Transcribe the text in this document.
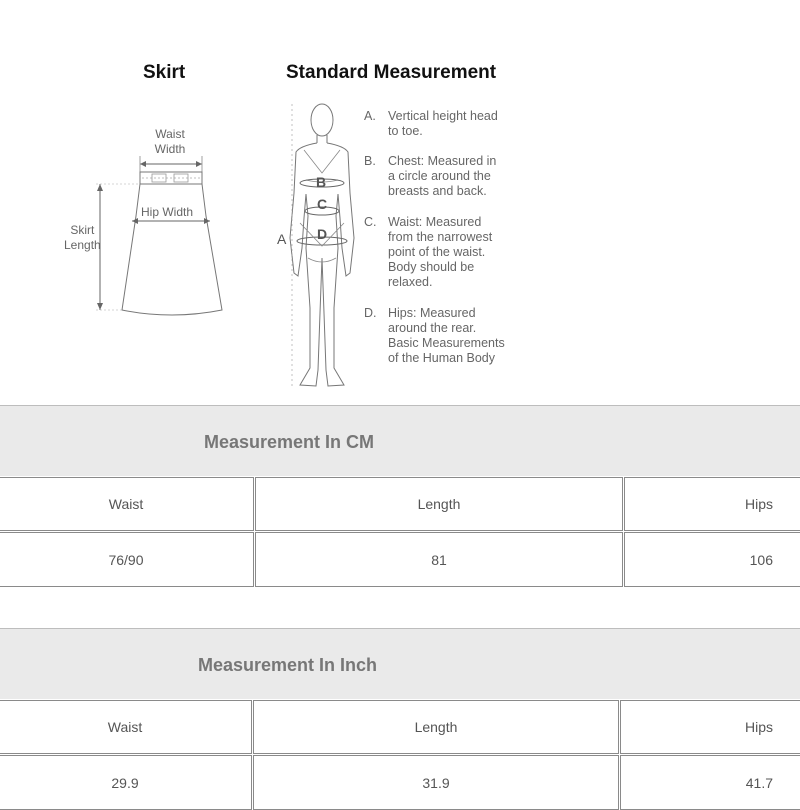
Skirt	Standard Measurement
Waist
Width
Hip Width
Skirt
Length
B
C
D
A
A. Vertical height head
to toe.
B. Chest: Measured in
a circle around the
breasts and back.
C. Waist: Measured
from the narrowest
point of the waist.
Body should be
relaxed.
D. Hips: Measured
around the rear.
Basic Measurements
of the Human Body
Measurement In CM
Waist	Length	Hips
76/90	81	106
Measurement In Inch
Waist	Length	Hips
29.9	31.9	41.7
